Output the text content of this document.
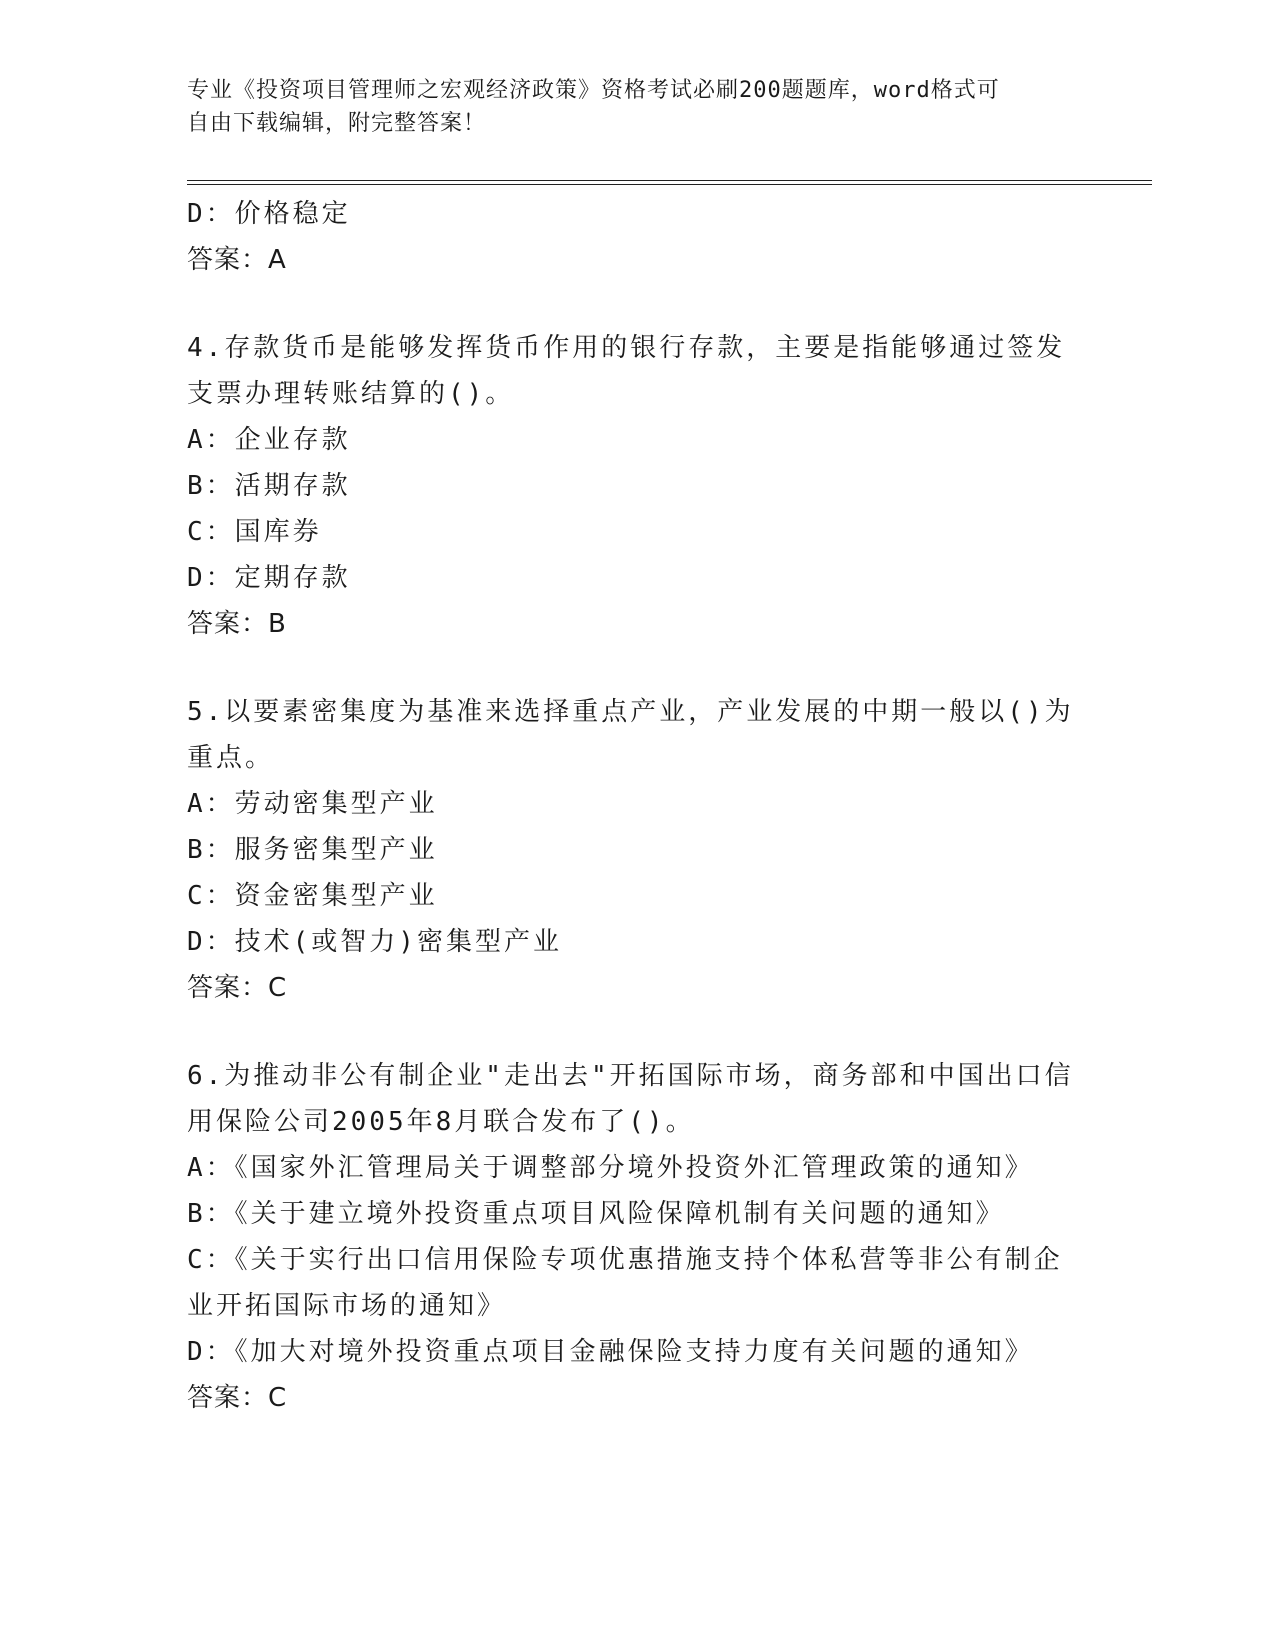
专业《投资项目管理师之宏观经济政策》资格考试必刷200题题库，word格式可
自由下载编辑，附完整答案！
D：价格稳定
答案：A
4.存款货币是能够发挥货币作用的银行存款，主要是指能够通过签发
支票办理转账结算的()。
A：企业存款
B：活期存款
C：国库券
D：定期存款
答案：B
5.以要素密集度为基准来选择重点产业，产业发展的中期一般以()为
重点。
A：劳动密集型产业
B：服务密集型产业
C：资金密集型产业
D：技术(或智力)密集型产业
答案：C
6.为推动非公有制企业"走出去"开拓国际市场，商务部和中国出口信
用保险公司2005年8月联合发布了()。
A：《国家外汇管理局关于调整部分境外投资外汇管理政策的通知》
B：《关于建立境外投资重点项目风险保障机制有关问题的通知》
C：《关于实行出口信用保险专项优惠措施支持个体私营等非公有制企
业开拓国际市场的通知》
D：《加大对境外投资重点项目金融保险支持力度有关问题的通知》
答案：C
